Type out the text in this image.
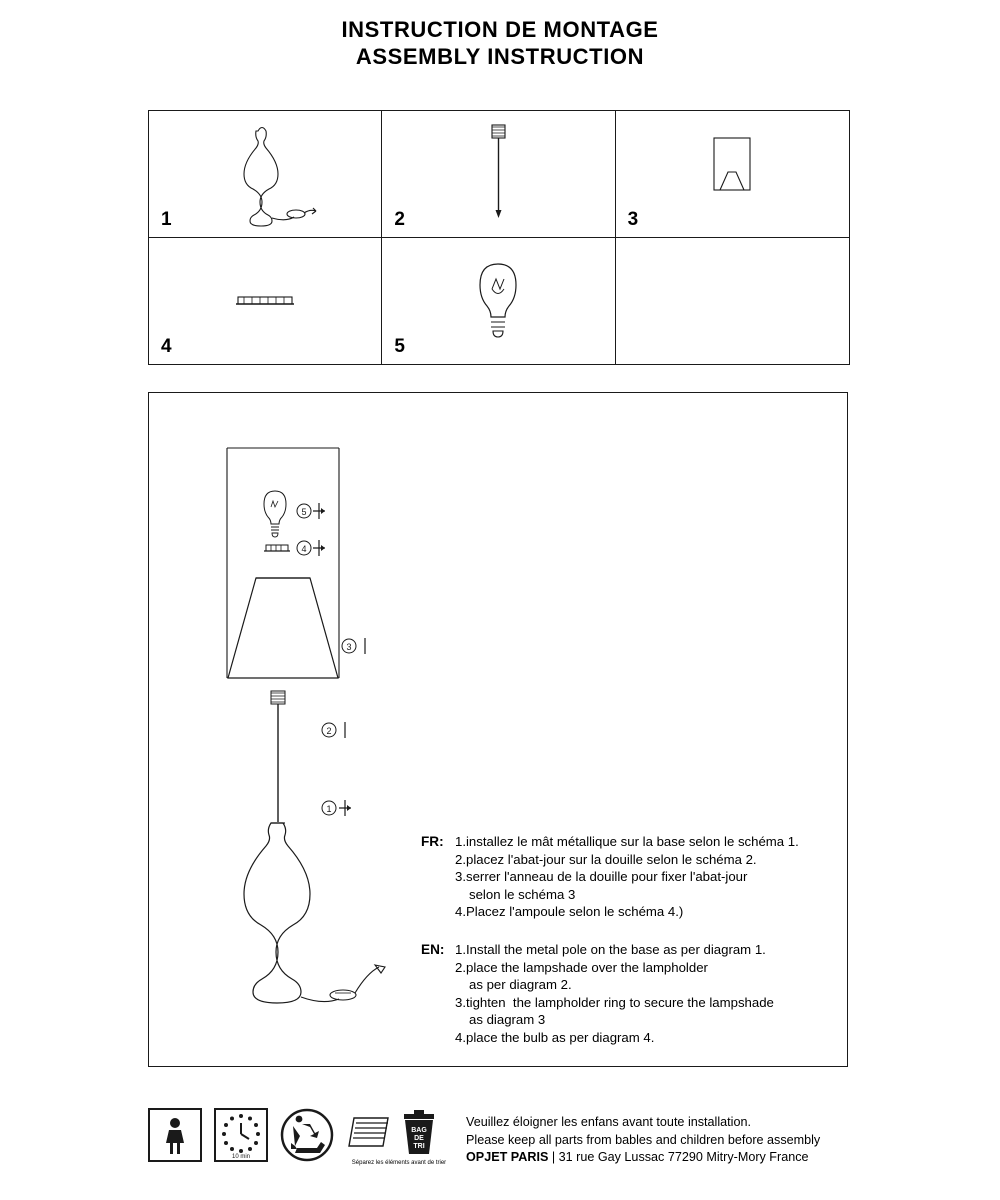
INSTRUCTION DE MONTAGE
ASSEMBLY INSTRUCTION
1	2	3
4	5
5
4
3
2
1
FR: 1.installez le mât métallique sur la base selon le schéma 1.
2.placez l'abat-jour sur la douille selon le schéma 2.
3.serrer l'anneau de la douille pour fixer l'abat-jour
selon le schéma 3
4.Placez l'ampoule selon le schéma 4.)
EN: 1.Install the metal pole on the base as per diagram 1.
2.place the lampshade over the lampholder
as per diagram 2.
3.tighten  the lampholder ring to secure the lampshade
as diagram 3
4.place the bulb as per diagram 4.
10 min
BAG
DE
TRI
Séparez les éléments avant de trier
Veuillez éloigner les enfans avant toute installation.
Please keep all parts from bables and children before assembly
OPJET PARIS | 31 rue Gay Lussac 77290 Mitry-Mory France
